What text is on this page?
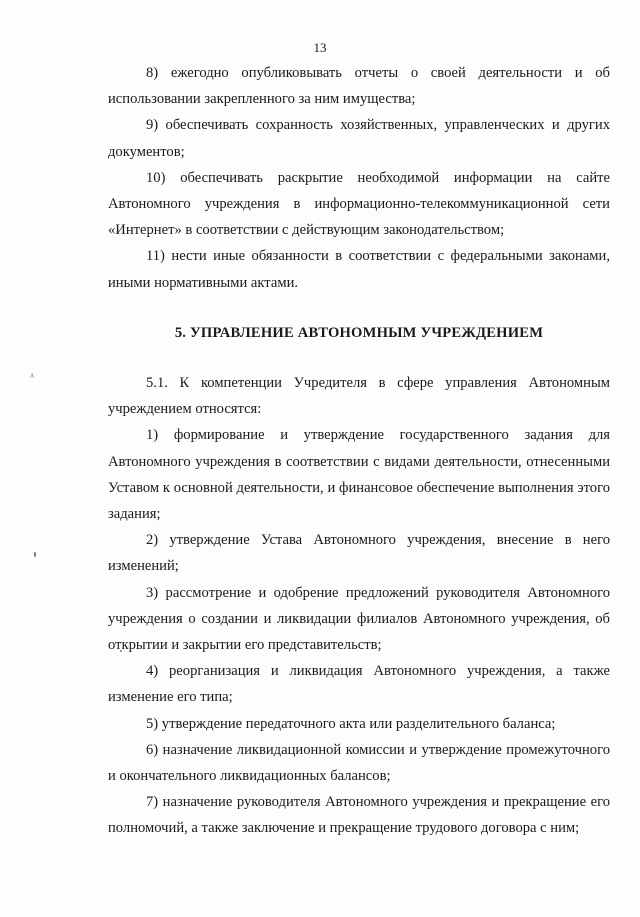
13
ᴬ

8) ежегодно опубликовывать отчеты о своей деятельности и об использовании закрепленного за ним имущества;

9) обеспечивать сохранность хозяйственных, управленческих и других документов;

10) обеспечивать раскрытие необходимой информации на сайте Автономного учреждения в информационно-телекоммуникационной сети «Интернет» в соответствии с действующим законодательством;

11) нести иные обязанности в соответствии с федеральными законами, иными нормативными актами.

5. УПРАВЛЕНИЕ АВТОНОМНЫМ УЧРЕЖДЕНИЕМ

5.1. К компетенции Учредителя в сфере управления Автономным учреждением относятся:

1) формирование и утверждение государственного задания для Автономного учреждения в соответствии с видами деятельности, отнесенными Уставом к основной деятельности, и финансовое обеспечение выполнения этого задания;

2) утверждение Устава Автономного учреждения, внесение в него изменений;

3) рассмотрение и одобрение предложений руководителя Автономного учреждения о создании и ликвидации филиалов Автономного учреждения, об открытии и закрытии его представительств;

4) реорганизация и ликвидация Автономного учреждения, а также изменение его типа;

5) утверждение передаточного акта или разделительного баланса;

6) назначение ликвидационной комиссии и утверждение промежуточного и окончательного ликвидационных балансов;

7) назначение руководителя Автономного учреждения и прекращение его полномочий, а также заключение и прекращение трудового договора с ним;
